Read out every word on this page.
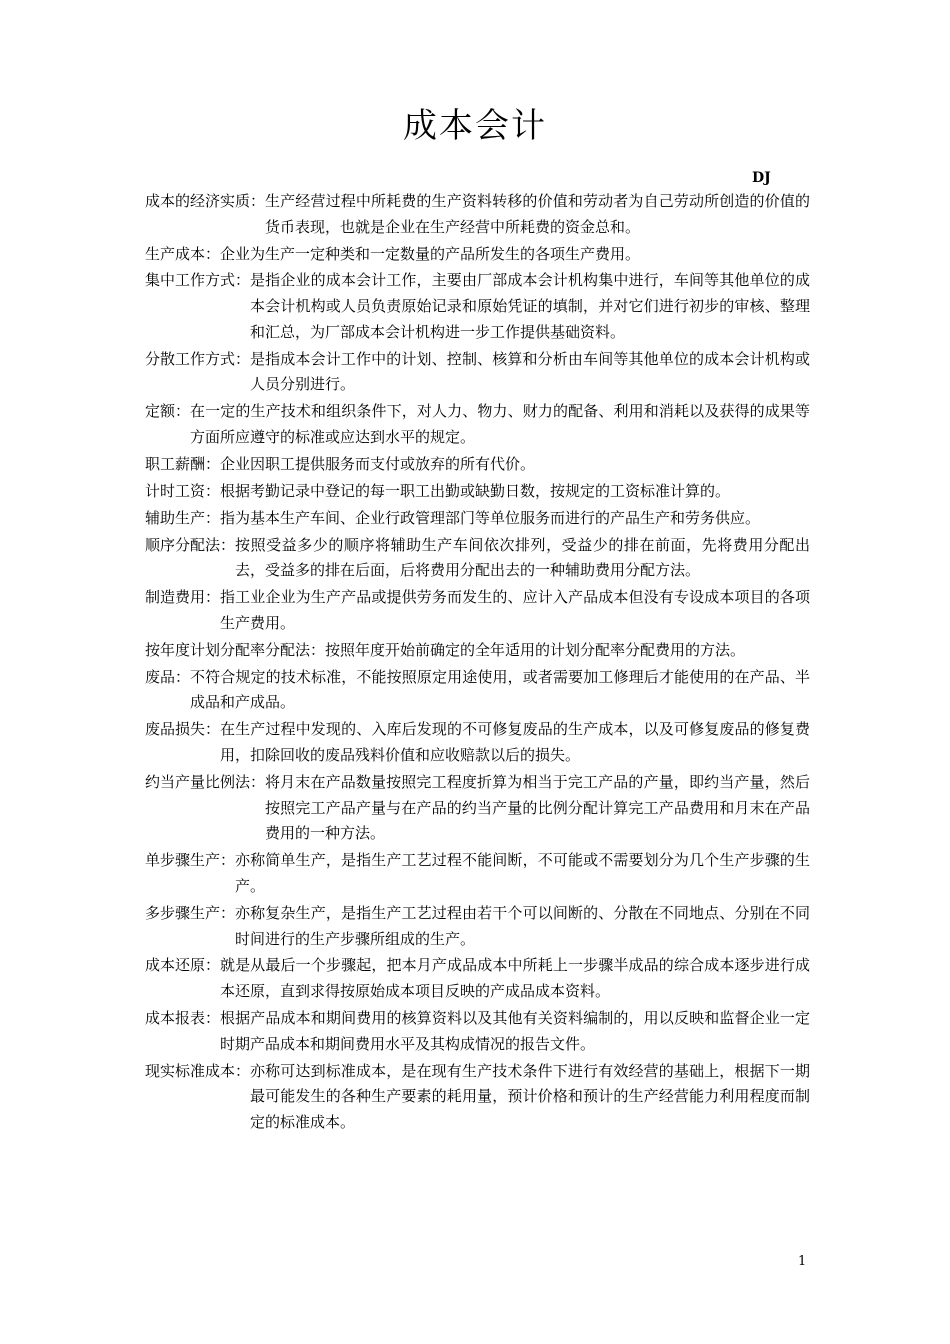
成本会计
DJ
成本的经济实质： 生产经营过程中所耗费的生产资料转移的价值和劳动者为自己劳动所创造的价值的货币表现，也就是企业在生产经营中所耗费的资金总和。
生产成本： 企业为生产一定种类和一定数量的产品所发生的各项生产费用。
集中工作方式： 是指企业的成本会计工作，主要由厂部成本会计机构集中进行，车间等其他单位的成本会计机构或人员负责原始记录和原始凭证的填制，并对它们进行初步的审核、整理和汇总，为厂部成本会计机构进一步工作提供基础资料。
分散工作方式： 是指成本会计工作中的计划、控制、核算和分析由车间等其他单位的成本会计机构或人员分别进行。
定额： 在一定的生产技术和组织条件下，对人力、物力、财力的配备、利用和消耗以及获得的成果等方面所应遵守的标准或应达到水平的规定。
职工薪酬： 企业因职工提供服务而支付或放弃的所有代价。
计时工资： 根据考勤记录中登记的每一职工出勤或缺勤日数，按规定的工资标准计算的。
辅助生产： 指为基本生产车间、企业行政管理部门等单位服务而进行的产品生产和劳务供应。
顺序分配法： 按照受益多少的顺序将辅助生产车间依次排列，受益少的排在前面，先将费用分配出去，受益多的排在后面，后将费用分配出去的一种辅助费用分配方法。
制造费用： 指工业企业为生产产品或提供劳务而发生的、应计入产品成本但没有专设成本项目的各项生产费用。
按年度计划分配率分配法： 按照年度开始前确定的全年适用的计划分配率分配费用的方法。
废品： 不符合规定的技术标准，不能按照原定用途使用，或者需要加工修理后才能使用的在产品、半成品和产成品。
废品损失： 在生产过程中发现的、入库后发现的不可修复废品的生产成本，以及可修复废品的修复费用，扣除回收的废品残料价值和应收赔款以后的损失。
约当产量比例法： 将月末在产品数量按照完工程度折算为相当于完工产品的产量，即约当产量，然后按照完工产品产量与在产品的约当产量的比例分配计算完工产品费用和月末在产品费用的一种方法。
单步骤生产： 亦称简单生产，是指生产工艺过程不能间断，不可能或不需要划分为几个生产步骤的生产。
多步骤生产： 亦称复杂生产，是指生产工艺过程由若干个可以间断的、分散在不同地点、分别在不同时间进行的生产步骤所组成的生产。
成本还原： 就是从最后一个步骤起，把本月产成品成本中所耗上一步骤半成品的综合成本逐步进行成本还原，直到求得按原始成本项目反映的产成品成本资料。
成本报表： 根据产品成本和期间费用的核算资料以及其他有关资料编制的，用以反映和监督企业一定时期产品成本和期间费用水平及其构成情况的报告文件。
现实标准成本： 亦称可达到标准成本，是在现有生产技术条件下进行有效经营的基础上，根据下一期最可能发生的各种生产要素的耗用量，预计价格和预计的生产经营能力利用程度而制定的标准成本。
1
